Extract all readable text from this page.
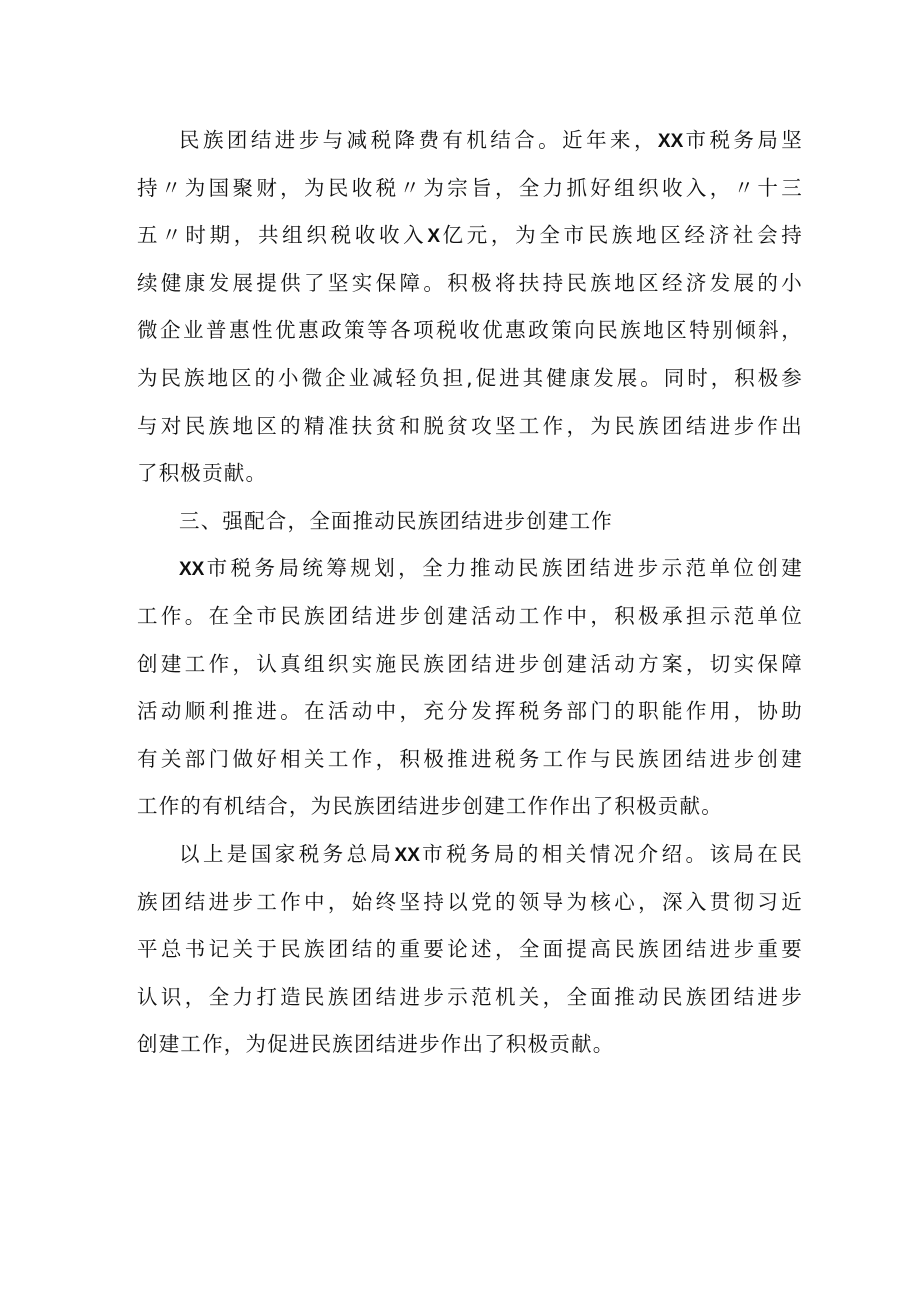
民族团结进步与减税降费有机结合。近年来，XX市税务局坚
持〃为国聚财，为民收税〃为宗旨，全力抓好组织收入，〃十三
五〃时期，共组织税收收入X亿元，为全市民族地区经济社会持
续健康发展提供了坚实保障。积极将扶持民族地区经济发展的小
微企业普惠性优惠政策等各项税收优惠政策向民族地区特别倾斜，
为民族地区的小微企业减轻负担,促进其健康发展。同时，积极参
与对民族地区的精准扶贫和脱贫攻坚工作，为民族团结进步作出
了积极贡献。
三、强配合，全面推动民族团结进步创建工作
XX市税务局统筹规划，全力推动民族团结进步示范单位创建
工作。在全市民族团结进步创建活动工作中，积极承担示范单位
创建工作，认真组织实施民族团结进步创建活动方案，切实保障
活动顺利推进。在活动中，充分发挥税务部门的职能作用，协助
有关部门做好相关工作，积极推进税务工作与民族团结进步创建
工作的有机结合，为民族团结进步创建工作作出了积极贡献。
以上是国家税务总局XX市税务局的相关情况介绍。该局在民
族团结进步工作中，始终坚持以党的领导为核心，深入贯彻习近
平总书记关于民族团结的重要论述，全面提高民族团结进步重要
认识，全力打造民族团结进步示范机关，全面推动民族团结进步
创建工作，为促进民族团结进步作出了积极贡献。
